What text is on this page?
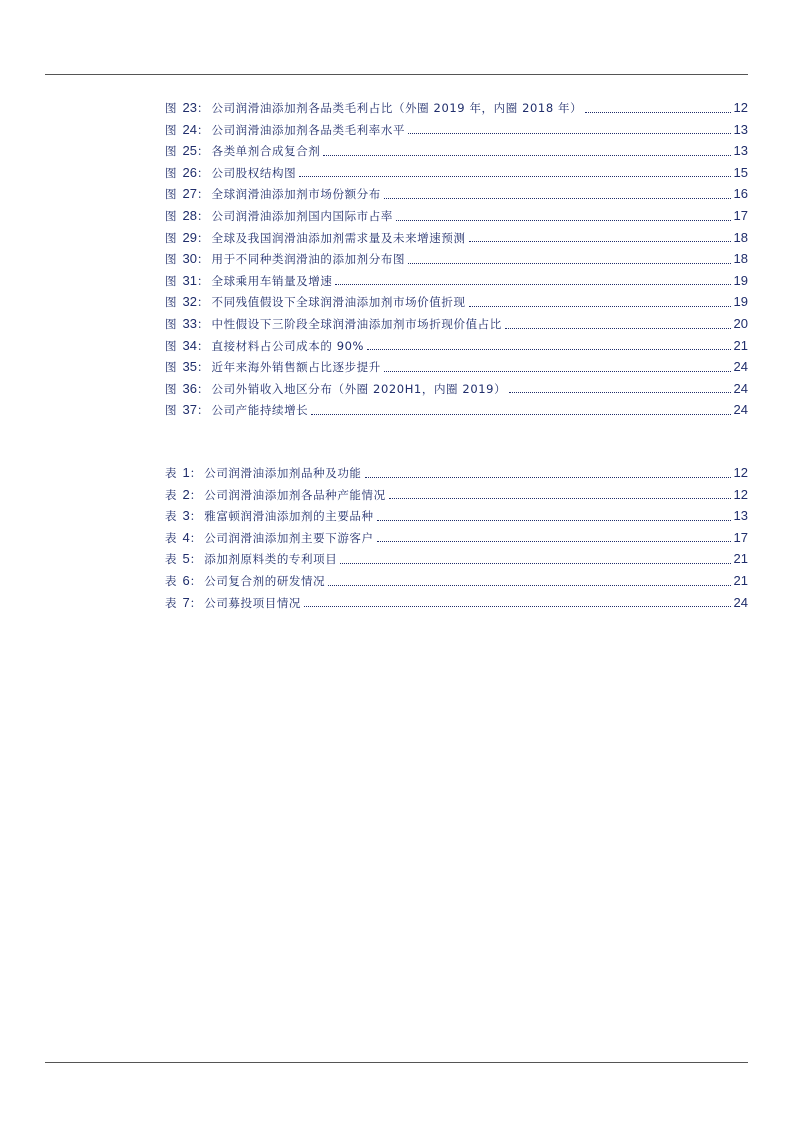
图 23 ： 公司润滑油添加剂各品类毛利占比（外圈 2019 年，内圈 2018 年）	12
图 24 ： 公司润滑油添加剂各品类毛利率水平	13
图 25 ： 各类单剂合成复合剂	13
图 26 ： 公司股权结构图	15
图 27 ： 全球润滑油添加剂市场份额分布	16
图 28 ： 公司润滑油添加剂国内国际市占率	17
图 29 ： 全球及我国润滑油添加剂需求量及未来增速预测	18
图 30 ： 用于不同种类润滑油的添加剂分布图	18
图 31 ： 全球乘用车销量及增速	19
图 32 ： 不同残值假设下全球润滑油添加剂市场价值折现	19
图 33 ： 中性假设下三阶段全球润滑油添加剂市场折现价值占比	20
图 34 ： 直接材料占公司成本的 90%	21
图 35 ： 近年来海外销售额占比逐步提升	24
图 36 ： 公司外销收入地区分布（外圈 2020H1，内圈 2019）	24
图 37 ： 公司产能持续增长	24
表 1 ： 公司润滑油添加剂品种及功能	12
表 2 ： 公司润滑油添加剂各品种产能情况	12
表 3 ： 雅富顿润滑油添加剂的主要品种	13
表 4 ： 公司润滑油添加剂主要下游客户	17
表 5 ： 添加剂原料类的专利项目	21
表 6 ： 公司复合剂的研发情况	21
表 7 ： 公司募投项目情况	24
